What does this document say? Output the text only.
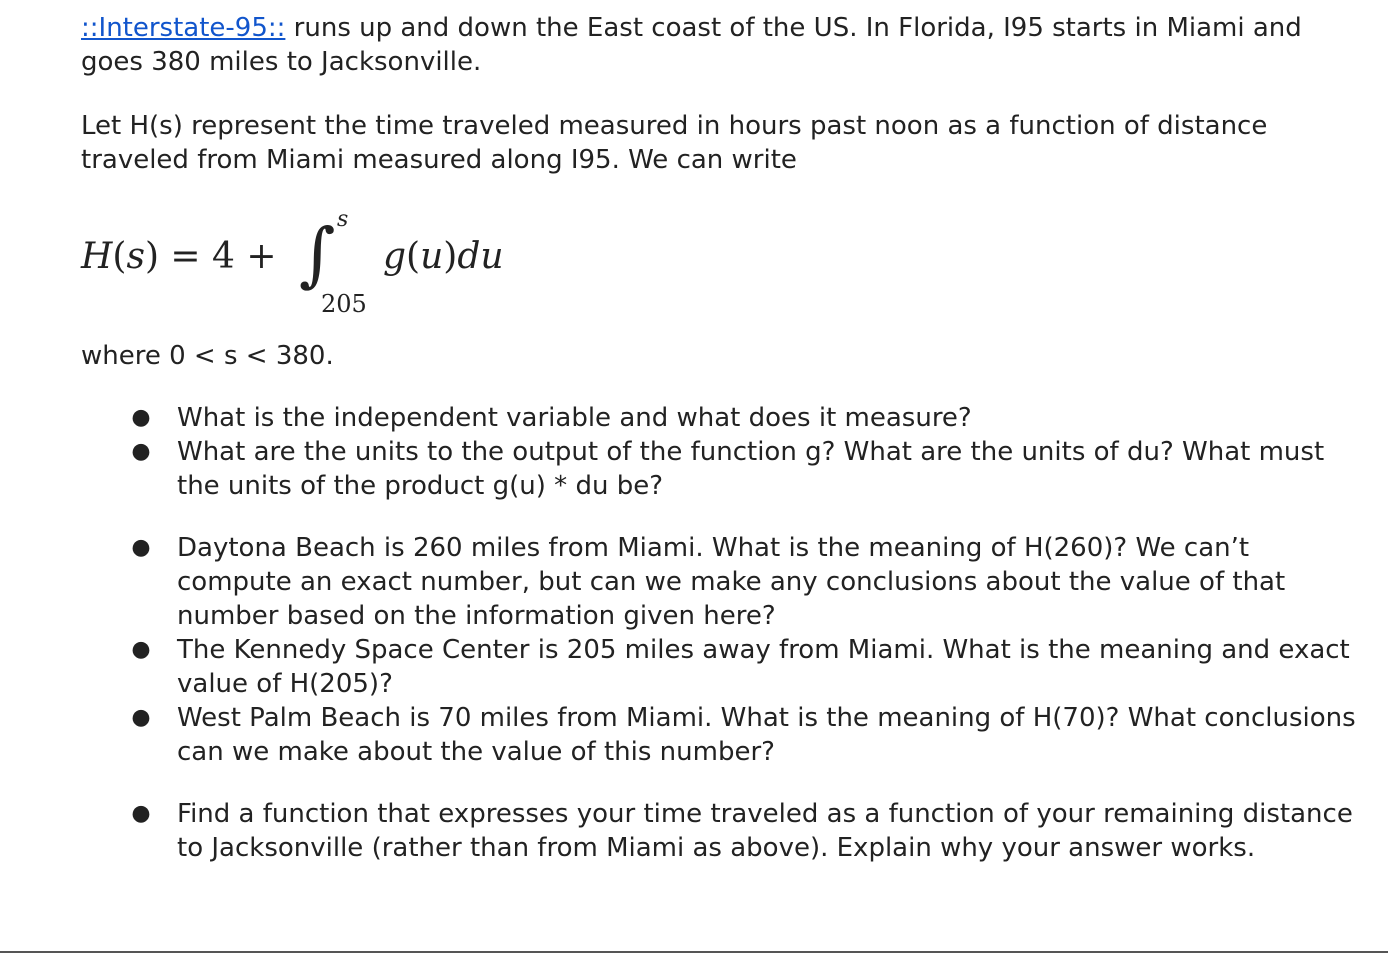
::Interstate-95:: runs up and down the East coast of the US. In Florida, I95 starts in Miami and goes 380 miles to Jacksonville.

Let H(s) represent the time traveled measured in hours past noon as a function of distance traveled from Miami measured along I95. We can write

H(s) = 4 + ∫ s
205
g(u)du

where 0 < s < 380.

● What is the independent variable and what does it measure?
● What are the units to the output of the function g? What are the units of du? What must the units of the product g(u) * du be?
● Daytona Beach is 260 miles from Miami. What is the meaning of H(260)? We can’t compute an exact number, but can we make any conclusions about the value of that number based on the information given here?
● The Kennedy Space Center is 205 miles away from Miami. What is the meaning and exact value of H(205)?
● West Palm Beach is 70 miles from Miami. What is the meaning of H(70)? What conclusions can we make about the value of this number?
● Find a function that expresses your time traveled as a function of your remaining distance to Jacksonville (rather than from Miami as above). Explain why your answer works.
